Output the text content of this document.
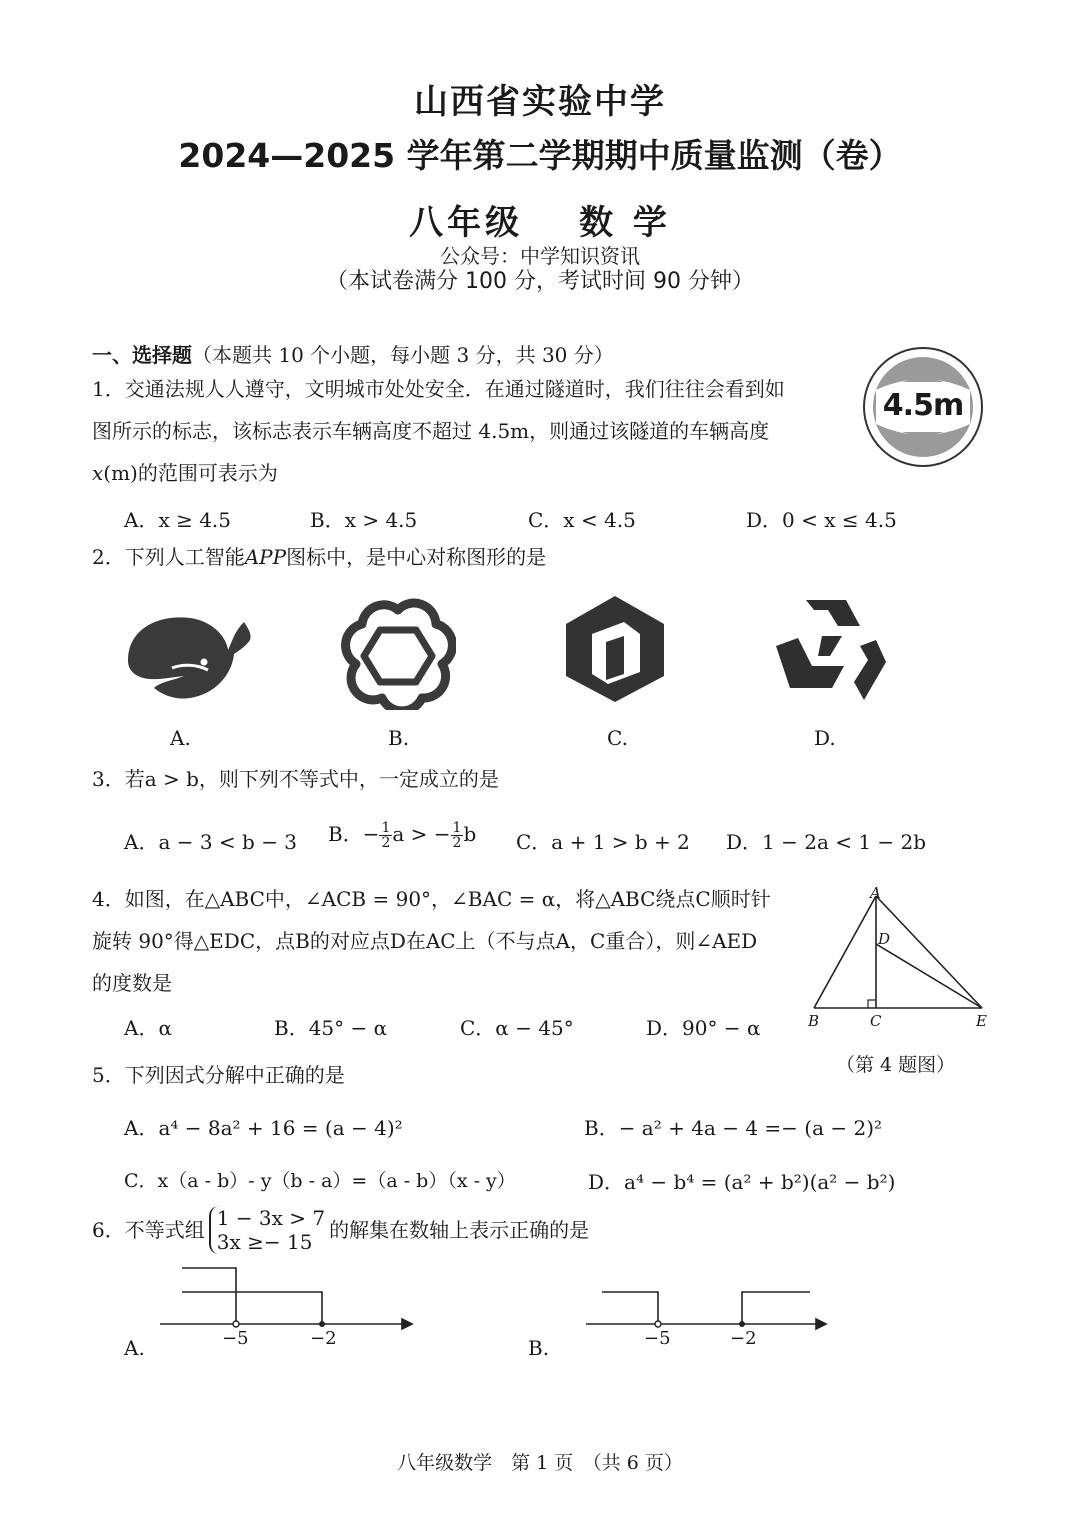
山西省实验中学
2024—2025 学年第二学期期中质量监测（卷）
八年级 数 学
公众号：中学知识资讯
（本试卷满分 100 分，考试时间 90 分钟）
一、选择题（本题共 10 个小题，每小题 3 分，共 30 分）
1．交通法规人人遵守，文明城市处处安全．在通过隧道时，我们往往会看到如
图所示的标志，该标志表示车辆高度不超过 4.5m，则通过该隧道的车辆高度
x(m)的范围可表示为
A．x ≥ 4.5	B．x > 4.5	C．x < 4.5	D．0 < x ≤ 4.5
4.5m
2．下列人工智能APP图标中，是中心对称图形的是
A.	B.	C.	D.
3．若a > b，则下列不等式中，一定成立的是
A．a − 3 < b − 3 B．− $\frac{1}{2}$ a > − $\frac{1}{2}$ b C．a + 1 > b + 2 D．1 − 2a < 1 − 2b
4．如图，在△ABC中，∠ACB = 90°，∠BAC = α，将△ABC绕点C顺时针
旋转 90°得△EDC，点B的对应点D在AC上（不与点A，C重合），则∠AED
的度数是
A．α	B．45° − α	C．α − 45°	D．90° − α
A
D
B	C	E
（第 4 题图）
5．下列因式分解中正确的是
A．a⁴ − 8a² + 16 = (a − 4)²	B．− a² + 4a − 4 =− (a − 2)²
C．x（a - b）- y（b - a）=（a - b）（x - y）	D．a⁴ − b⁴ = (a² + b²)(a² − b²)
6．不等式组 1 − 3x > 7
3x ≥− 15 的解集在数轴上表示正确的是
−5	−2
A.	−5	−2
B.
八年级数学　第 1 页　（共 6 页）
